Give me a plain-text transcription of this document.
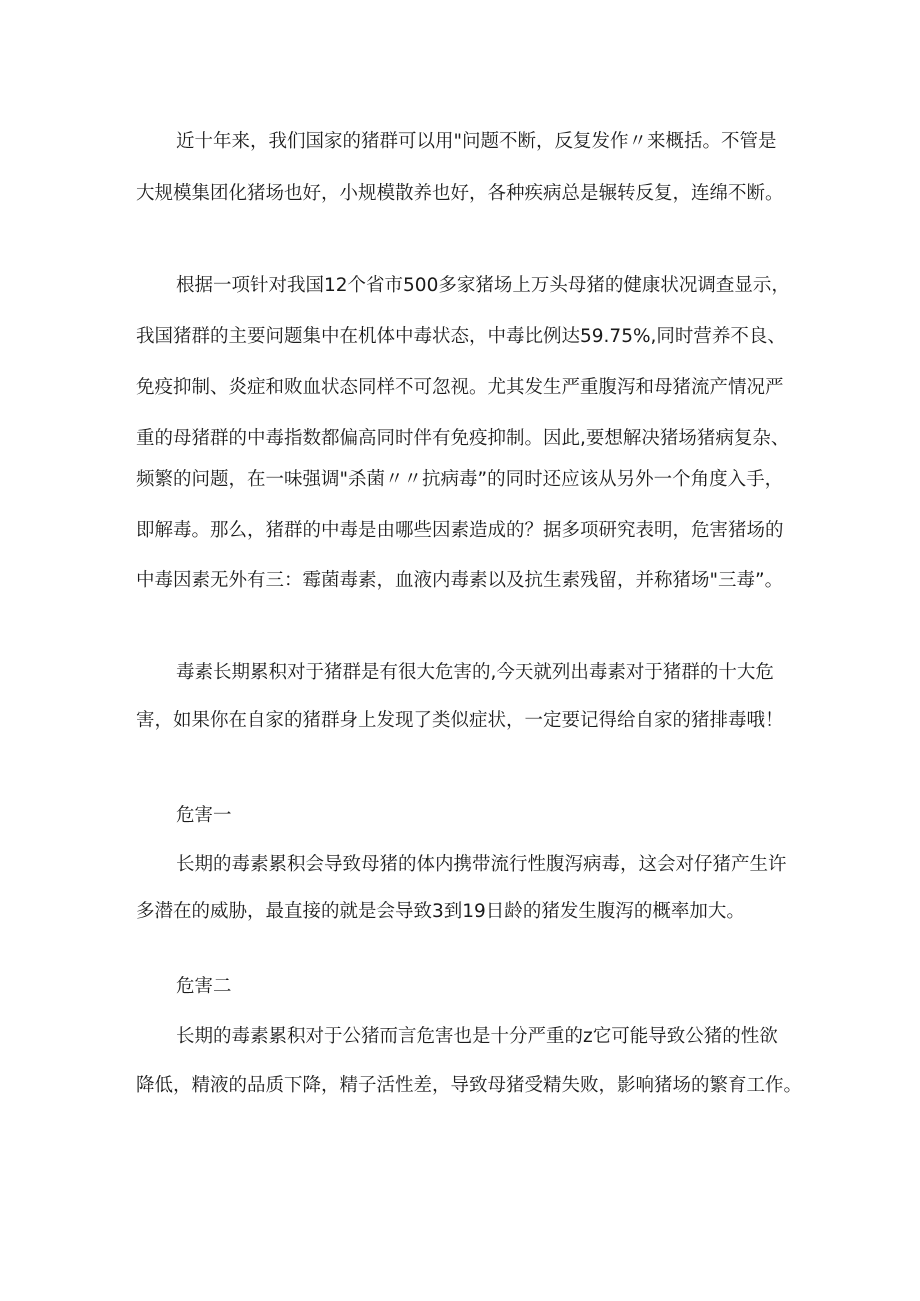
近十年来，我们国家的猪群可以用"问题不断，反复发作〃来概括。不管是
大规模集团化猪场也好，小规模散养也好，各种疾病总是辗转反复，连绵不断。
根据一项针对我国12个省市500多家猪场上万头母猪的健康状况调查显示，
我国猪群的主要问题集中在机体中毒状态，中毒比例达59.75%,同时营养不良、
免疫抑制、炎症和败血状态同样不可忽视。尤其发生严重腹泻和母猪流产情况严
重的母猪群的中毒指数都偏高同时伴有免疫抑制。因此,要想解决猪场猪病复杂、
频繁的问题，在一味强调"杀菌〃〃抗病毒”的同时还应该从另外一个角度入手，
即解毒。那么，猪群的中毒是由哪些因素造成的？据多项研究表明，危害猪场的
中毒因素无外有三：霉菌毒素，血液内毒素以及抗生素残留，并称猪场"三毒”。
毒素长期累积对于猪群是有很大危害的,今天就列出毒素对于猪群的十大危
害，如果你在自家的猪群身上发现了类似症状，一定要记得给自家的猪排毒哦！
危害一
长期的毒素累积会导致母猪的体内携带流行性腹泻病毒，这会对仔猪产生许
多潜在的威胁，最直接的就是会导致3到19日龄的猪发生腹泻的概率加大。
危害二
长期的毒素累积对于公猪而言危害也是十分严重的z它可能导致公猪的性欲
降低，精液的品质下降，精子活性差，导致母猪受精失败，影响猪场的繁育工作。
